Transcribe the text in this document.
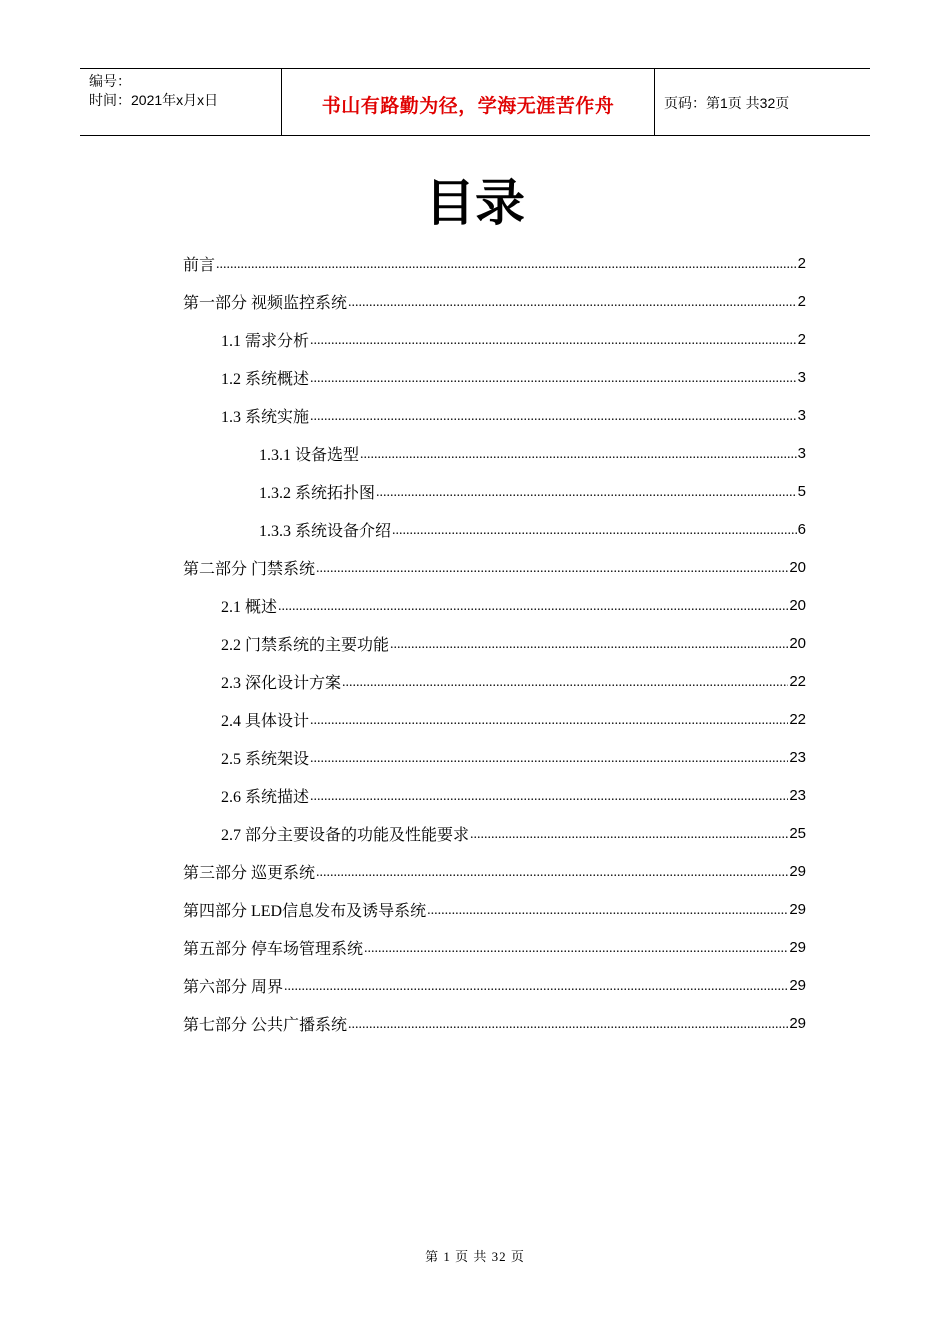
编号：
时间：2021年x月x日	书山有路勤为径，学海无涯苦作舟	页码：第1页 共32页
目录
前言 .....	2
第一部分 视频监控系统 .....	2
1.1 需求分析 .....	2
1.2 系统概述 .....	3
1.3 系统实施 .....	3
1.3.1 设备选型 .....	3
1.3.2 系统拓扑图 .....	5
1.3.3 系统设备介绍 .....	6
第二部分 门禁系统 .....	20
2.1 概述 .....	20
2.2 门禁系统的主要功能 .....	20
2.3 深化设计方案 .....	22
2.4 具体设计 .....	22
2.5 系统架设 .....	23
2.6 系统描述 .....	23
2.7 部分主要设备的功能及性能要求 .....	25
第三部分 巡更系统 .....	29
第四部分 LED信息发布及诱导系统 .....	29
第五部分 停车场管理系统 .....	29
第六部分 周界 .....	29
第七部分 公共广播系统 .....	29
第 1 页 共 32 页
